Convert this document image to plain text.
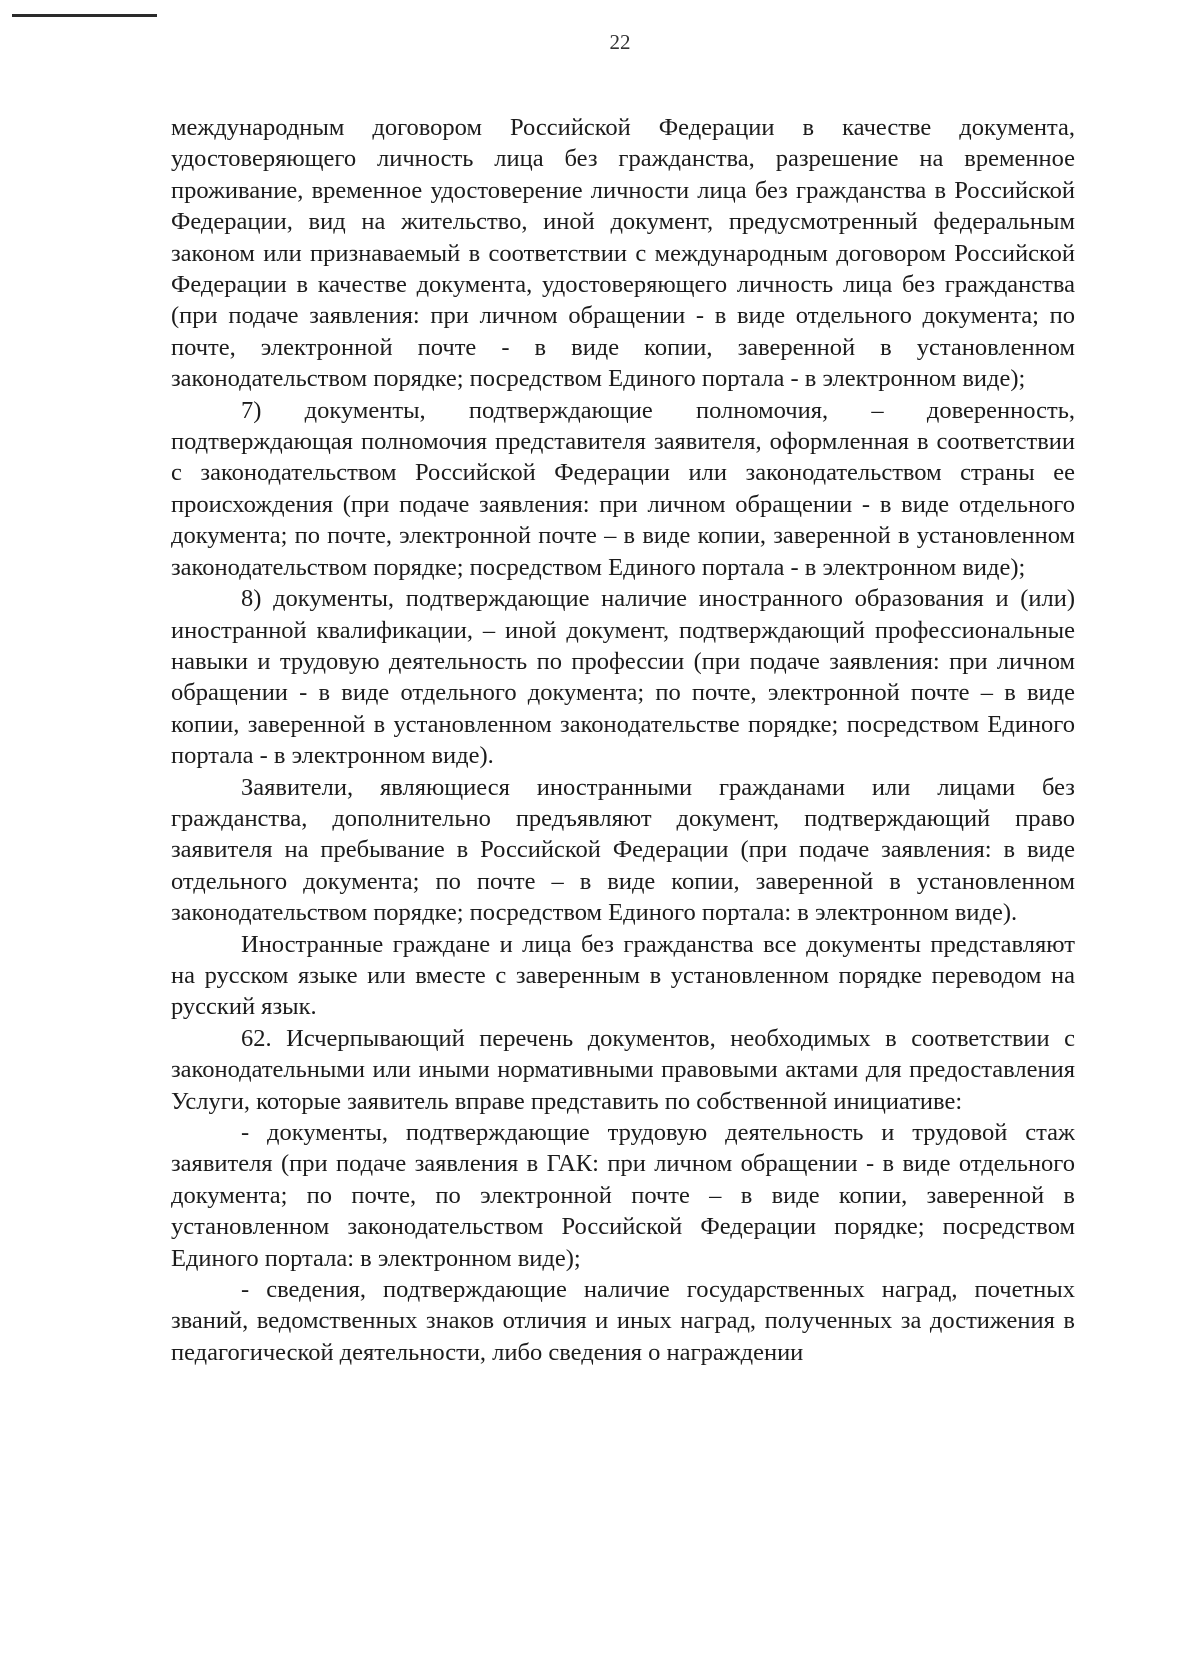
22

международным договором Российской Федерации в качестве документа, удостоверяющего личность лица без гражданства, разрешение на временное проживание, временное удостоверение личности лица без гражданства в Российской Федерации, вид на жительство, иной документ, предусмотренный федеральным законом или признаваемый в соответствии с международным договором Российской Федерации в качестве документа, удостоверяющего личность лица без гражданства (при подаче заявления: при личном обращении - в виде отдельного документа; по почте, электронной почте - в виде копии, заверенной в установленном законодательством порядке; посредством Единого портала - в электронном виде);

7) документы, подтверждающие полномочия, – доверенность, подтверждающая полномочия представителя заявителя, оформленная в соответствии с законодательством Российской Федерации или законодательством страны ее происхождения (при подаче заявления: при личном обращении - в виде отдельного документа; по почте, электронной почте – в виде копии, заверенной в установленном законодательством порядке; посредством Единого портала - в электронном виде);

8) документы, подтверждающие наличие иностранного образования и (или) иностранной квалификации, – иной документ, подтверждающий профессиональные навыки и трудовую деятельность по профессии (при подаче заявления: при личном обращении - в виде отдельного документа; по почте, электронной почте – в виде копии, заверенной в установленном законодательстве порядке; посредством Единого портала - в электронном виде).

Заявители, являющиеся иностранными гражданами или лицами без гражданства, дополнительно предъявляют документ, подтверждающий право заявителя на пребывание в Российской Федерации (при подаче заявления: в виде отдельного документа; по почте – в виде копии, заверенной в установленном законодательством порядке; посредством Единого портала: в электронном виде).

Иностранные граждане и лица без гражданства все документы представляют на русском языке или вместе с заверенным в установленном порядке переводом на русский язык.

62. Исчерпывающий перечень документов, необходимых в соответствии с законодательными или иными нормативными правовыми актами для предоставления Услуги, которые заявитель вправе представить по собственной инициативе:

- документы, подтверждающие трудовую деятельность и трудовой стаж заявителя (при подаче заявления в ГАК: при личном обращении - в виде отдельного документа; по почте, по электронной почте – в виде копии, заверенной в установленном законодательством Российской Федерации порядке; посредством Единого портала: в электронном виде);

- сведения, подтверждающие наличие государственных наград, почетных званий, ведомственных знаков отличия и иных наград, полученных за достижения в педагогической деятельности, либо сведения о награждении
